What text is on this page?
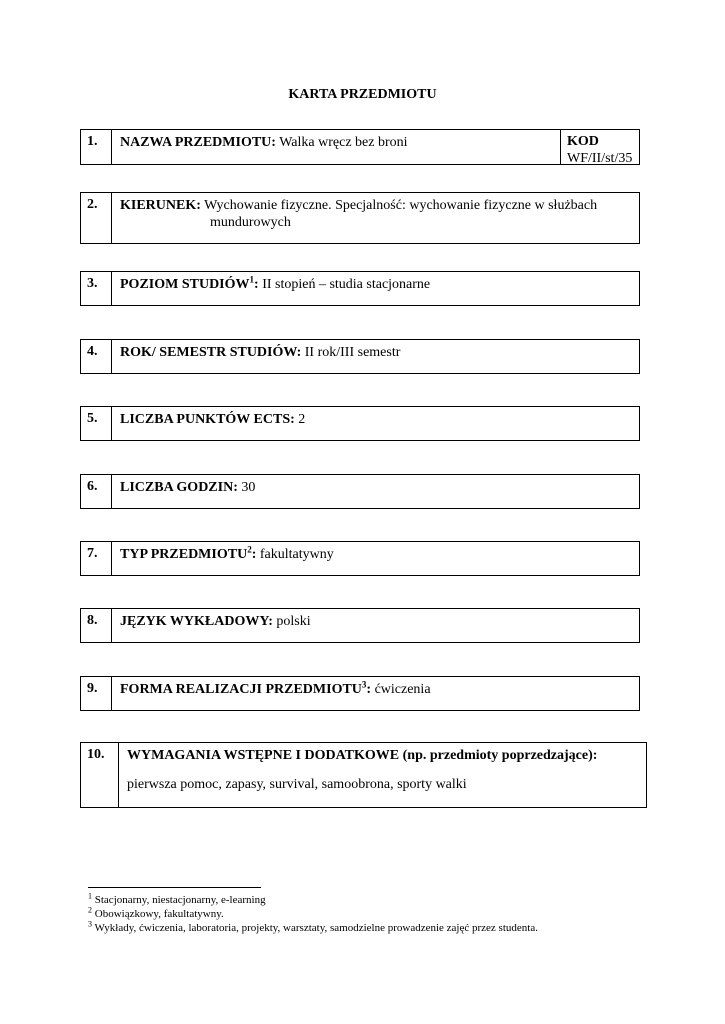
KARTA PRZEDMIOTU
1.	NAZWA PRZEDMIOTU: Walka wręcz bez broni	KOD
WF/II/st/35
2.	KIERUNEK: Wychowanie fizyczne. Specjalność: wychowanie fizyczne w służbach
mundurowych
3.	POZIOM STUDIÓW$^1$: II stopień – studia stacjonarne
4.	ROK/ SEMESTR STUDIÓW: II rok/III semestr
5.	LICZBA PUNKTÓW ECTS: 2
6.	LICZBA GODZIN: 30
7.	TYP PRZEDMIOTU$^2$: fakultatywny
8.	JĘZYK WYKŁADOWY: polski
9.	FORMA REALIZACJI PRZEDMIOTU$^3$: ćwiczenia
10.	WYMAGANIA WSTĘPNE I DODATKOWE (np. przedmioty poprzedzające):
pierwsza pomoc, zapasy, survival, samoobrona, sporty walki
$^1$ Stacjonarny, niestacjonarny, e-learning
$^2$ Obowiązkowy, fakultatywny.
$^3$ Wykłady, ćwiczenia, laboratoria, projekty, warsztaty, samodzielne prowadzenie zajęć przez studenta.
